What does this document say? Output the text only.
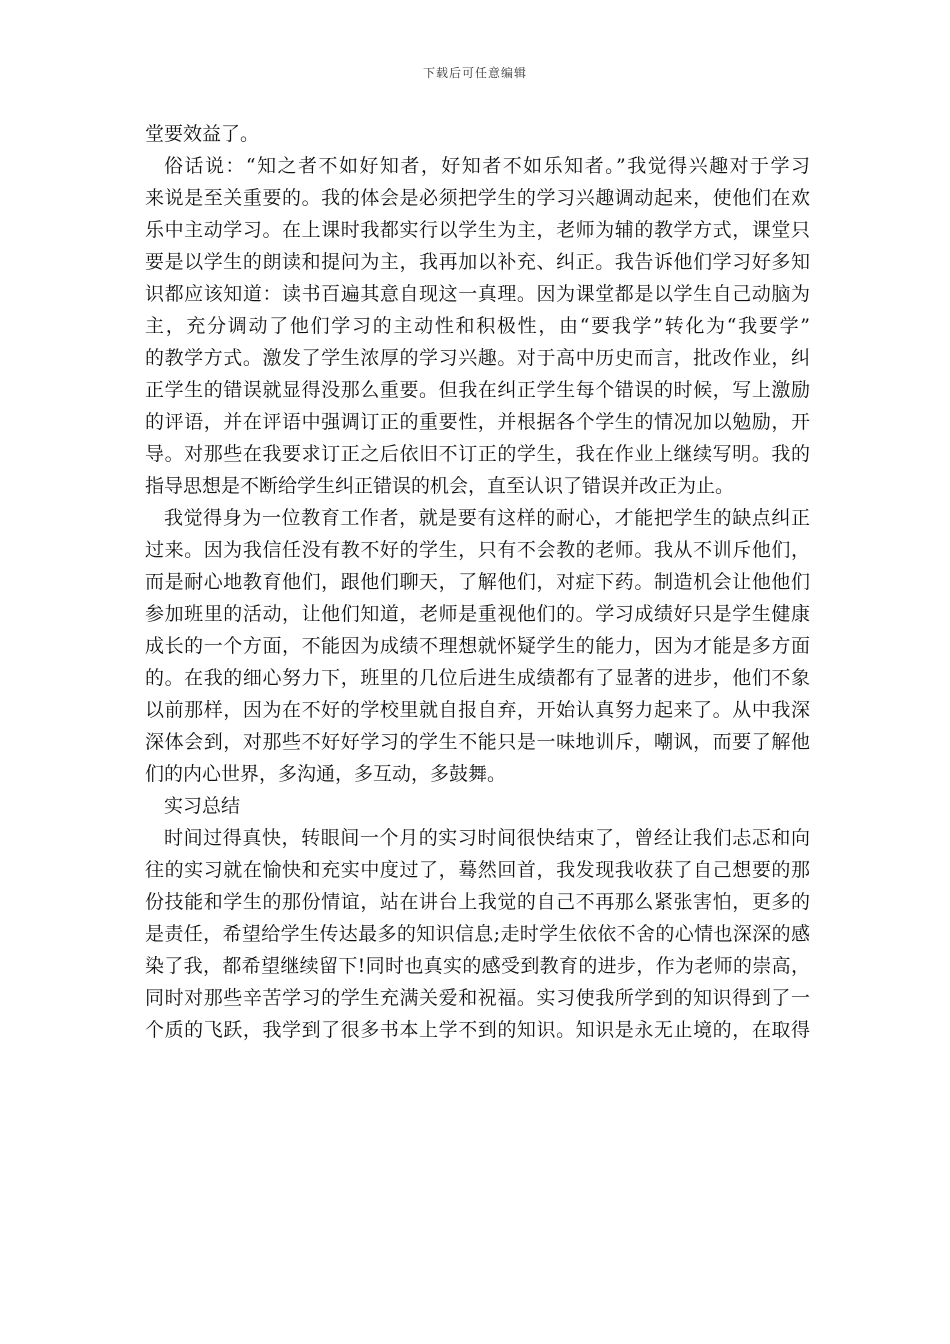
下载后可任意编辑
堂要效益了。
俗话说：“知之者不如好知者，好知者不如乐知者。”我觉得兴趣对于学习
来说是至关重要的。我的体会是必须把学生的学习兴趣调动起来，使他们在欢
乐中主动学习。在上课时我都实行以学生为主，老师为辅的教学方式，课堂只
要是以学生的朗读和提问为主，我再加以补充、纠正。我告诉他们学习好多知
识都应该知道：读书百遍其意自现这一真理。因为课堂都是以学生自己动脑为
主，充分调动了他们学习的主动性和积极性，由“要我学”转化为“我要学”
的教学方式。激发了学生浓厚的学习兴趣。对于高中历史而言，批改作业，纠
正学生的错误就显得没那么重要。但我在纠正学生每个错误的时候，写上激励
的评语，并在评语中强调订正的重要性，并根据各个学生的情况加以勉励，开
导。对那些在我要求订正之后依旧不订正的学生，我在作业上继续写明。我的
指导思想是不断给学生纠正错误的机会，直至认识了错误并改正为止。
我觉得身为一位教育工作者，就是要有这样的耐心，才能把学生的缺点纠正
过来。因为我信任没有教不好的学生，只有不会教的老师。我从不训斥他们，
而是耐心地教育他们，跟他们聊天，了解他们，对症下药。制造机会让他他们
参加班里的活动，让他们知道，老师是重视他们的。学习成绩好只是学生健康
成长的一个方面，不能因为成绩不理想就怀疑学生的能力，因为才能是多方面
的。在我的细心努力下，班里的几位后进生成绩都有了显著的进步，他们不象
以前那样，因为在不好的学校里就自报自弃，开始认真努力起来了。从中我深
深体会到，对那些不好好学习的学生不能只是一味地训斥，嘲讽，而要了解他
们的内心世界，多沟通，多互动，多鼓舞。
实习总结
时间过得真快，转眼间一个月的实习时间很快结束了，曾经让我们忐忑和向
往的实习就在愉快和充实中度过了，蓦然回首，我发现我收获了自己想要的那
份技能和学生的那份情谊，站在讲台上我觉的自己不再那么紧张害怕，更多的
是责任，希望给学生传达最多的知识信息;走时学生依依不舍的心情也深深的感
染了我，都希望继续留下!同时也真实的感受到教育的进步，作为老师的崇高，
同时对那些辛苦学习的学生充满关爱和祝福。实习使我所学到的知识得到了一
个质的飞跃，我学到了很多书本上学不到的知识。知识是永无止境的，在取得
